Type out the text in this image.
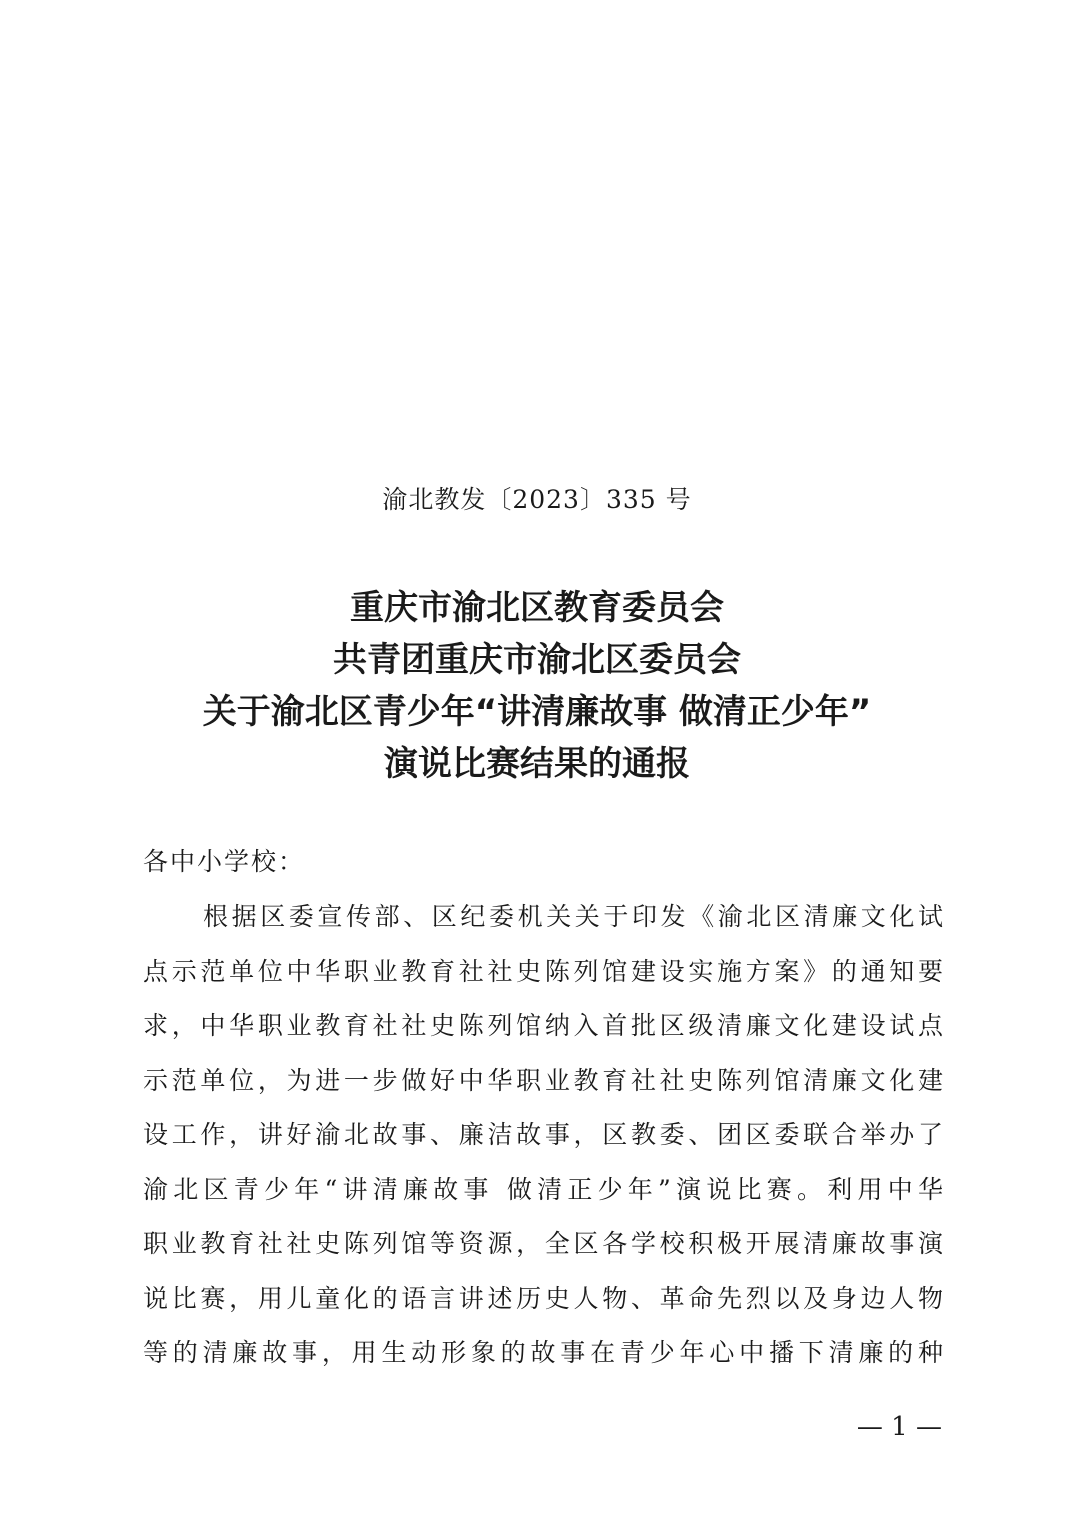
渝北教发〔2023〕335 号
重庆市渝北区教育委员会
共青团重庆市渝北区委员会
关于渝北区青少年“讲清廉故事 做清正少年”
演说比赛结果的通报
各中小学校：
根据区委宣传部、区纪委机关关于印发《渝北区清廉文化试
点示范单位中华职业教育社社史陈列馆建设实施方案》的通知要
求，中华职业教育社社史陈列馆纳入首批区级清廉文化建设试点
示范单位，为进一步做好中华职业教育社社史陈列馆清廉文化建
设工作，讲好渝北故事、廉洁故事，区教委、团区委联合举办了
渝北区青少年“讲清廉故事 做清正少年”演说比赛。利用中华
职业教育社社史陈列馆等资源，全区各学校积极开展清廉故事演
说比赛，用儿童化的语言讲述历史人物、革命先烈以及身边人物
等的清廉故事，用生动形象的故事在青少年心中播下清廉的种
— 1 —
